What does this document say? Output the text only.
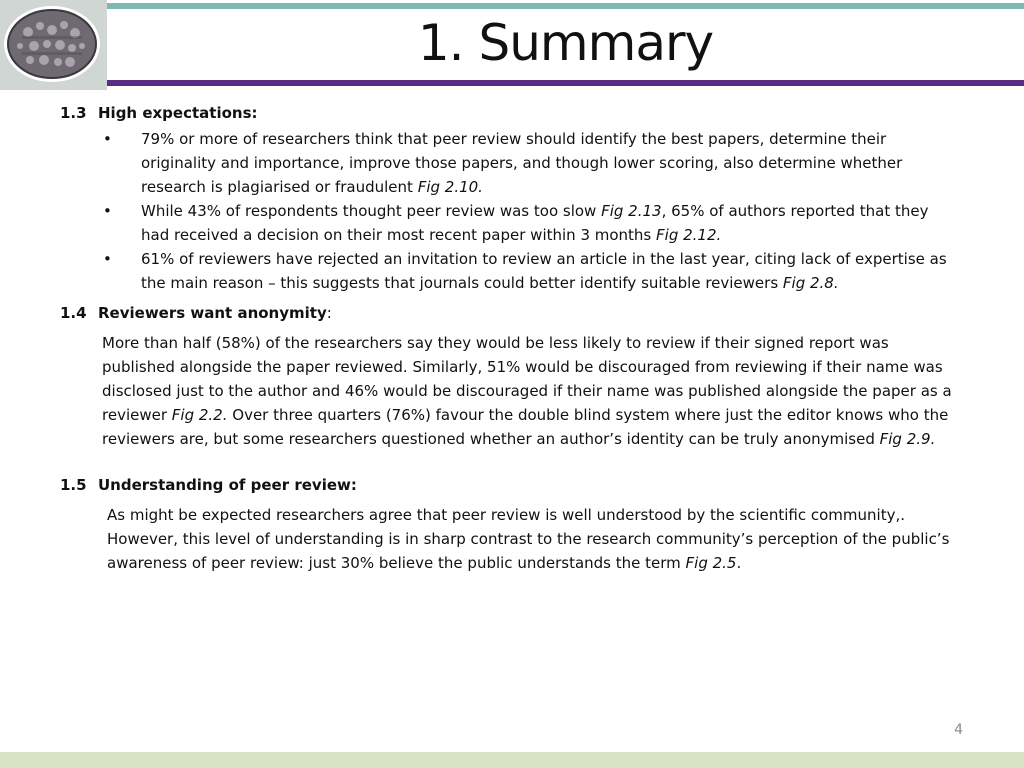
1. Summary
1.3 High expectations:
• 79% or more of researchers think that peer review should identify the best papers, determine their originality and importance, improve those papers, and though lower scoring, also determine whether research is plagiarised or fraudulent Fig 2.10.
• While 43% of respondents thought peer review was too slow Fig 2.13, 65% of authors reported that they had received a decision on their most recent paper within 3 months Fig 2.12.
• 61% of reviewers have rejected an invitation to review an article in the last year, citing lack of expertise as the main reason – this suggests that journals could better identify suitable reviewers Fig 2.8.
1.4 Reviewers want anonymity :

More than half (58%) of the researchers say they would be less likely to review if their signed report was published alongside the paper reviewed. Similarly, 51% would be discouraged from reviewing if their name was disclosed just to the author and 46% would be discouraged if their name was published alongside the paper as a reviewer Fig 2.2. Over three quarters (76%) favour the double blind system where just the editor knows who the reviewers are, but some researchers questioned whether an author’s identity can be truly anonymised Fig 2.9.

1.5 Understanding of peer review:

As might be expected researchers agree that peer review is well understood by the scientific community,. However, this level of understanding is in sharp contrast to the research community’s perception of the public’s awareness of peer review: just 30% believe the public understands the term Fig 2.5.

4
